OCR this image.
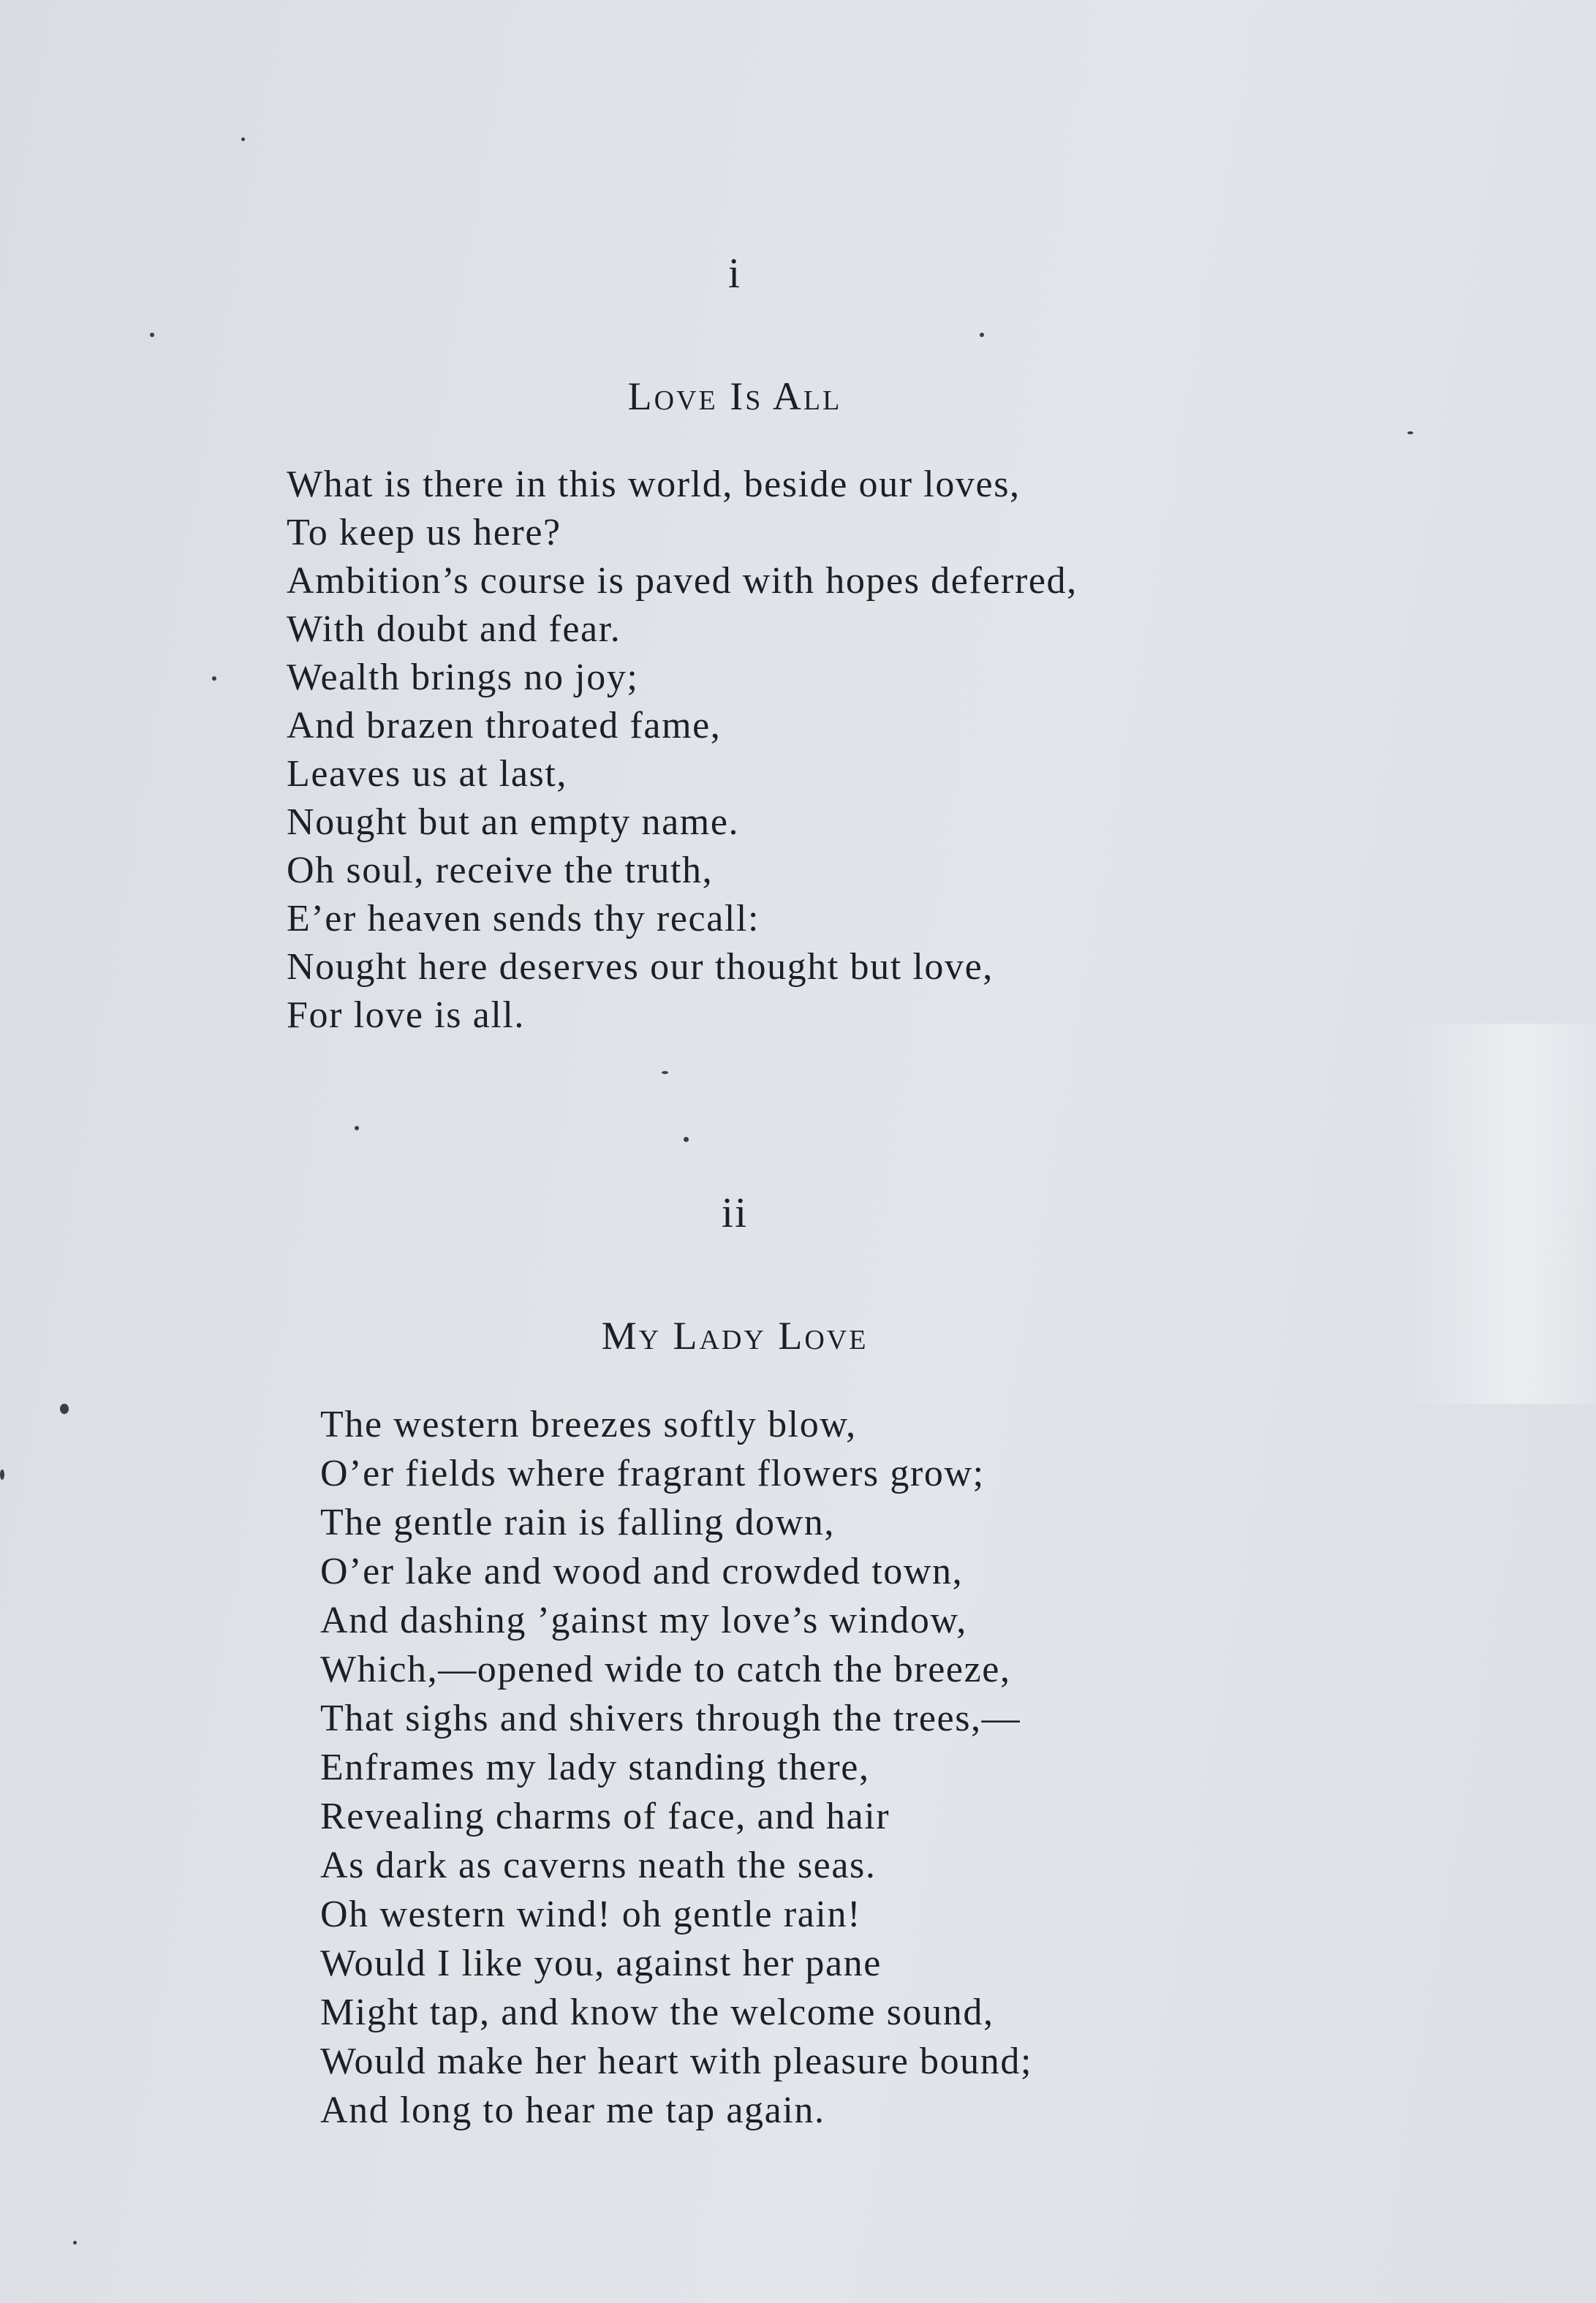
i
Love Is All
What is there in this world, beside our loves,
To keep us here?
Ambition’s course is paved with hopes deferred,
With doubt and fear.
Wealth brings no joy;
And brazen throated fame,
Leaves us at last,
Nought but an empty name.
Oh soul, receive the truth,
E’er heaven sends thy recall:
Nought here deserves our thought but love,
For love is all.
ii
My Lady Love
The western breezes softly blow,
O’er fields where fragrant flowers grow;
The gentle rain is falling down,
O’er lake and wood and crowded town,
And dashing ’gainst my love’s window,
Which,—opened wide to catch the breeze,
That sighs and shivers through the trees,—
Enframes my lady standing there,
Revealing charms of face, and hair
As dark as caverns neath the seas.
Oh western wind! oh gentle rain!
Would I like you, against her pane
Might tap, and know the welcome sound,
Would make her heart with pleasure bound;
And long to hear me tap again.
